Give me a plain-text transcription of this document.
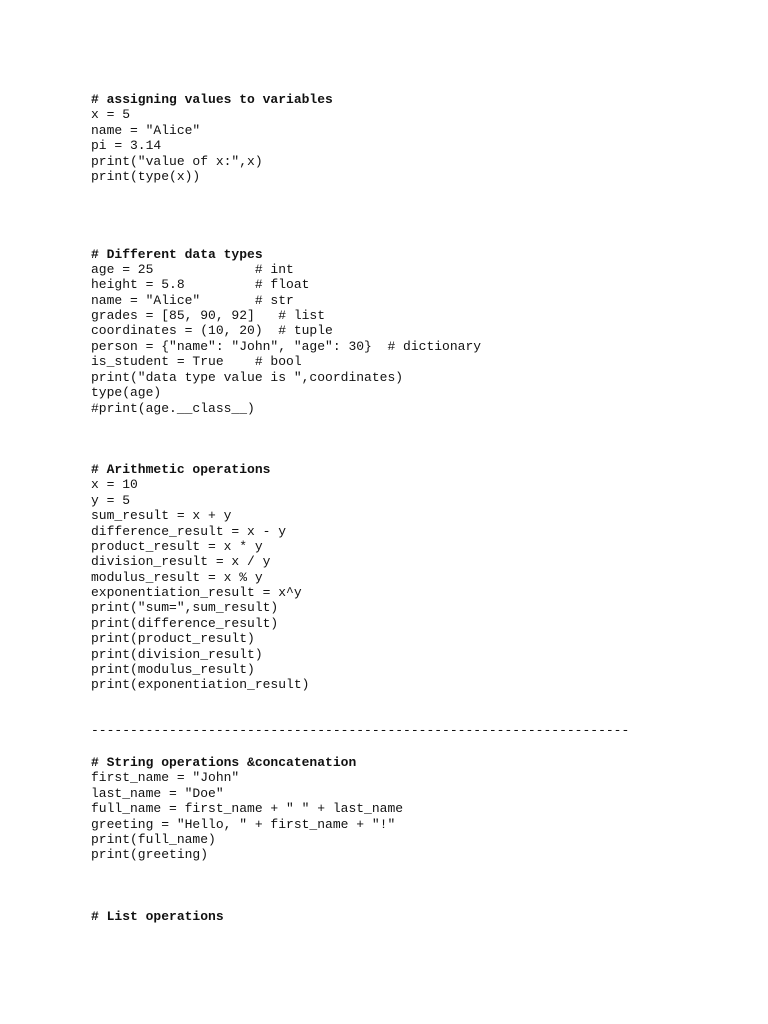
# assigning values to variables
x = 5
name = "Alice"
pi = 3.14
print("value of x:",x)
print(type(x))
# Different data types
age = 25             # int
height = 5.8         # float
name = "Alice"       # str
grades = [85, 90, 92]   # list
coordinates = (10, 20)  # tuple
person = {"name": "John", "age": 30}  # dictionary
is_student = True    # bool
print("data type value is ",coordinates)
type(age)
#print(age.__class__)
# Arithmetic operations
x = 10
y = 5
sum_result = x + y
difference_result = x - y
product_result = x * y
division_result = x / y
modulus_result = x % y
exponentiation_result = x^y
print("sum=",sum_result)
print(difference_result)
print(product_result)
print(division_result)
print(modulus_result)
print(exponentiation_result)
---------------------------------------------------------------------
# String operations &concatenation
first_name = "John"
last_name = "Doe"
full_name = first_name + " " + last_name
greeting = "Hello, " + first_name + "!"
print(full_name)
print(greeting)
# List operations
